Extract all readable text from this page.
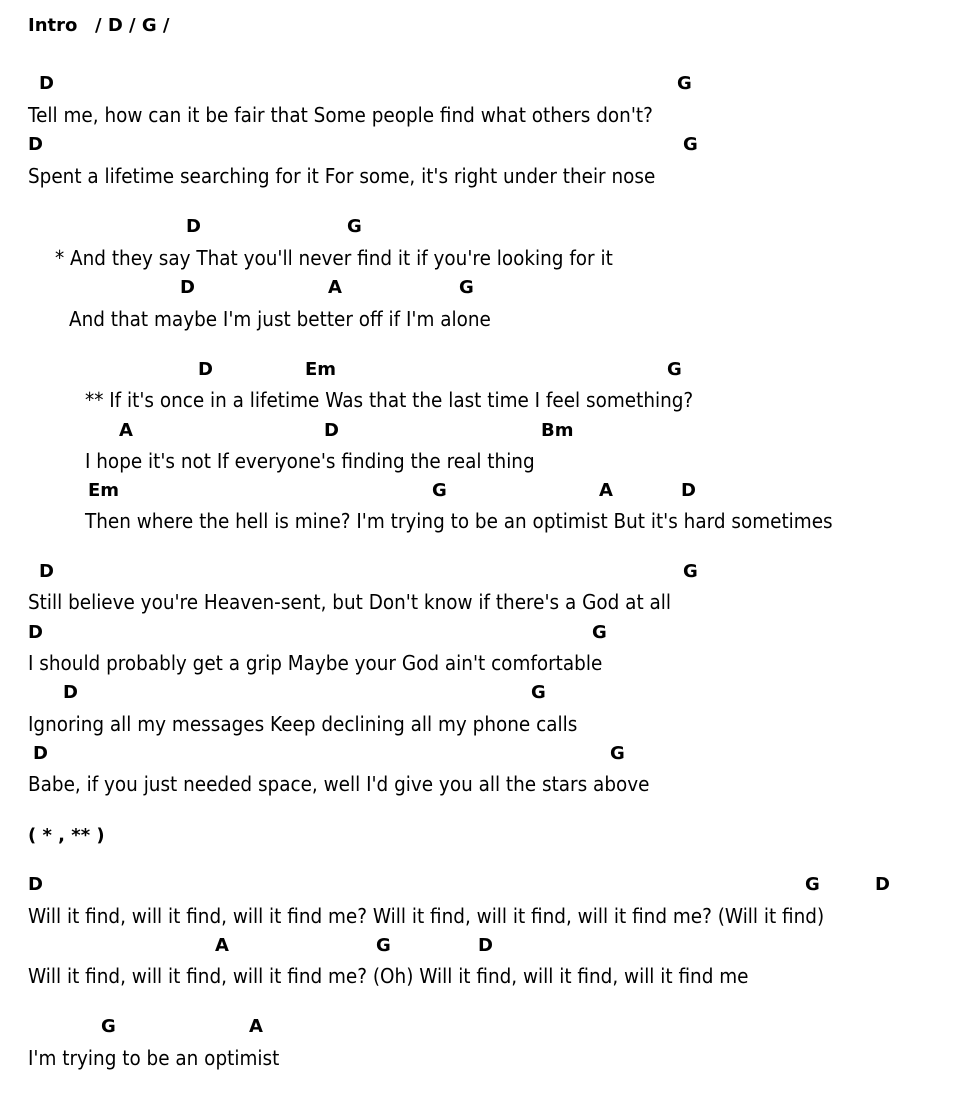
Intro / D / G /
D	G
Tell me, how can it be fair that Some people find what others don't?
D	G
Spent a lifetime searching for it For some, it's right under their nose
D	G
* And they say That you'll never find it if you're looking for it
D	A	G
And that maybe I'm just better off if I'm alone
D	Em	G
** If it's once in a lifetime Was that the last time I feel something?
A	D	Bm
I hope it's not If everyone's finding the real thing
Em	G	A	D
Then where the hell is mine? I'm trying to be an optimist But it's hard sometimes
D	G
Still believe you're Heaven-sent, but Don't know if there's a God at all
D	G
I should probably get a grip Maybe your God ain't comfortable
D	G
Ignoring all my messages Keep declining all my phone calls
D	G
Babe, if you just needed space, well I'd give you all the stars above
( * , ** )
D	G	D
Will it find, will it find, will it find me? Will it find, will it find, will it find me? (Will it find)
A	G	D
Will it find, will it find, will it find me? (Oh) Will it find, will it find, will it find me
G	A
I'm trying to be an optimist
